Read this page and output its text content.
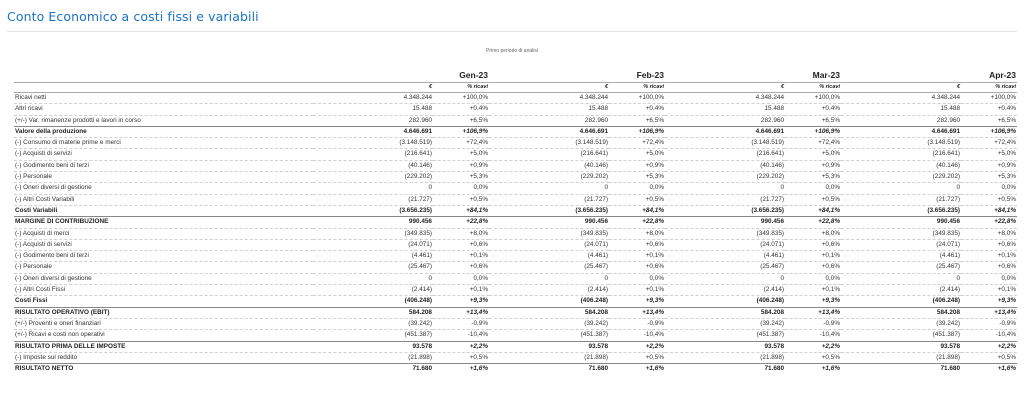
Conto Economico a costi fissi e variabili
Primo periodo di analisi
	Gen-23		Feb-23		Mar-23		Apr-23	
	€	% ricavi	€	% ricavi	€	% ricavi	€	% ricavi
Ricavi netti	4.348.244	+100,0%	4.348.244	+100,0%	4.348.244	+100,0%	4.348.244	+100,0%
Altri ricavi	15.488	+0,4%	15.488	+0,4%	15.488	+0,4%	15.488	+0,4%
(+/-) Var. rimanenze prodotti e lavori in corso	282.960	+6,5%	282.960	+6,5%	282.960	+6,5%	282.960	+6,5%
Valore della produzione	4.646.691	+106,9%	4.646.691	+106,9%	4.646.691	+106,9%	4.646.691	+106,9%
(-) Consumo di materie prime e merci	(3.148.519)	+72,4%	(3.148.519)	+72,4%	(3.148.519)	+72,4%	(3.148.519)	+72,4%
(-) Acquisti di servizi	(216.641)	+5,0%	(216.641)	+5,0%	(216.641)	+5,0%	(216.641)	+5,0%
(-) Godimento beni di terzi	(40.146)	+0,9%	(40.146)	+0,9%	(40.146)	+0,9%	(40.146)	+0,9%
(-) Personale	(229.202)	+5,3%	(229.202)	+5,3%	(229.202)	+5,3%	(229.202)	+5,3%
(-) Oneri diversi di gestione	0	0,0%	0	0,0%	0	0,0%	0	0,0%
(-) Altri Costi Variabili	(21.727)	+0,5%	(21.727)	+0,5%	(21.727)	+0,5%	(21.727)	+0,5%
Costi Variabili	(3.656.235)	+84,1%	(3.656.235)	+84,1%	(3.656.235)	+84,1%	(3.656.235)	+84,1%
MARGINE DI CONTRIBUZIONE	990.456	+22,8%	990.456	+22,8%	990.456	+22,8%	990.456	+22,8%
(-) Acquisti di merci	(349.835)	+8,0%	(349.835)	+8,0%	(349.835)	+8,0%	(349.835)	+8,0%
(-) Acquisti di servizi	(24.071)	+0,6%	(24.071)	+0,6%	(24.071)	+0,6%	(24.071)	+0,6%
(-) Godimento beni di terzi	(4.461)	+0,1%	(4.461)	+0,1%	(4.461)	+0,1%	(4.461)	+0,1%
(-) Personale	(25.467)	+0,6%	(25.467)	+0,6%	(25.467)	+0,6%	(25.467)	+0,6%
(-) Oneri diversi di gestione	0	0,0%	0	0,0%	0	0,0%	0	0,0%
(-) Altri Costi Fissi	(2.414)	+0,1%	(2.414)	+0,1%	(2.414)	+0,1%	(2.414)	+0,1%
Costi Fissi	(406.248)	+9,3%	(406.248)	+9,3%	(406.248)	+9,3%	(406.248)	+9,3%
RISULTATO OPERATIVO (EBIT)	584.208	+13,4%	584.208	+13,4%	584.208	+13,4%	584.208	+13,4%
(+/-) Proventi e oneri finanziari	(39.242)	-0,9%	(39.242)	-0,9%	(39.242)	-0,9%	(39.242)	-0,9%
(+/-) Ricavi e costi non operativi	(451.387)	-10,4%	(451.387)	-10,4%	(451.387)	-10,4%	(451.387)	-10,4%
RISULTATO PRIMA DELLE IMPOSTE	93.578	+2,2%	93.578	+2,2%	93.578	+2,2%	93.578	+2,2%
(-) Imposte sul reddito	(21.898)	+0,5%	(21.898)	+0,5%	(21.898)	+0,5%	(21.898)	+0,5%
RISULTATO NETTO	71.680	+1,6%	71.680	+1,6%	71.680	+1,6%	71.680	+1,6%
